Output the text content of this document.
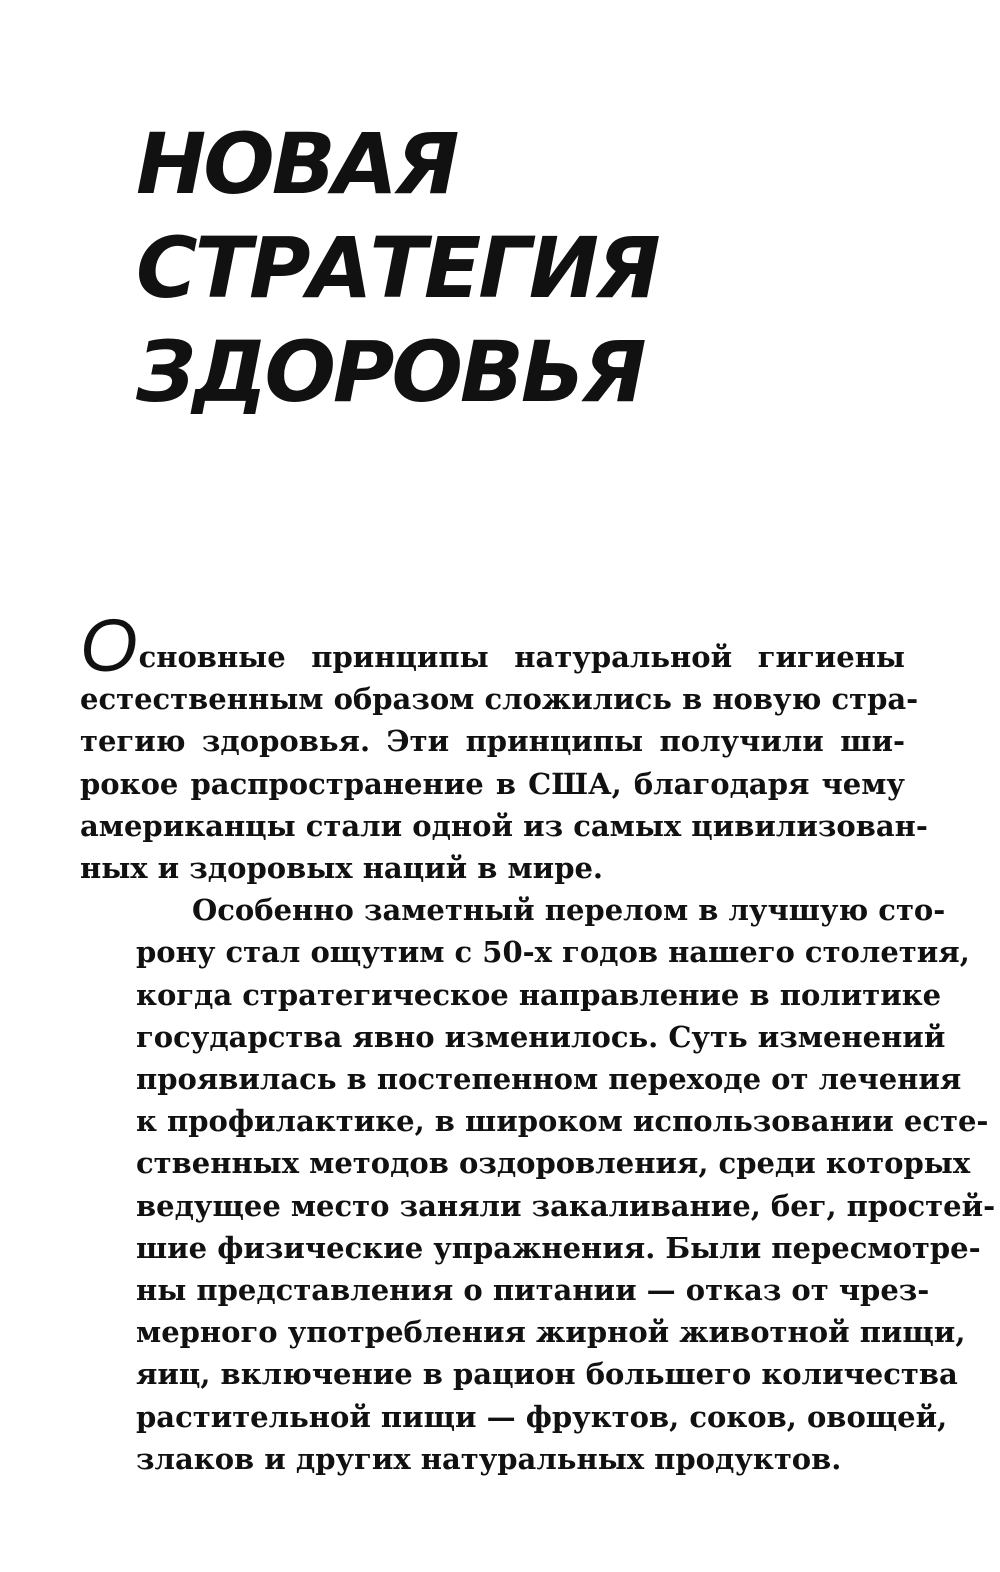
НОВАЯ
СТРАТЕГИЯ
ЗДОРОВЬЯ

Основные принципы натуральной гигиены
естественным образом сложились в новую стра-
тегию здоровья. Эти принципы получили ши-
рокое распространение в США, благодаря чему
американцы стали одной из самых цивилизован-
ных и здоровых наций в мире.

Особенно заметный перелом в лучшую сто-
рону стал ощутим с 50-х годов нашего столетия,
когда стратегическое направление в политике
государства явно изменилось. Суть изменений
проявилась в постепенном переходе от лечения
к профилактике, в широком использовании есте-
ственных методов оздоровления, среди которых
ведущее место заняли закаливание, бег, простей-
шие физические упражнения. Были пересмотре-
ны представления о питании — отказ от чрез-
мерного употребления жирной животной пищи,
яиц, включение в рацион большего количества
растительной пищи — фруктов, соков, овощей,
злаков и других натуральных продуктов.
